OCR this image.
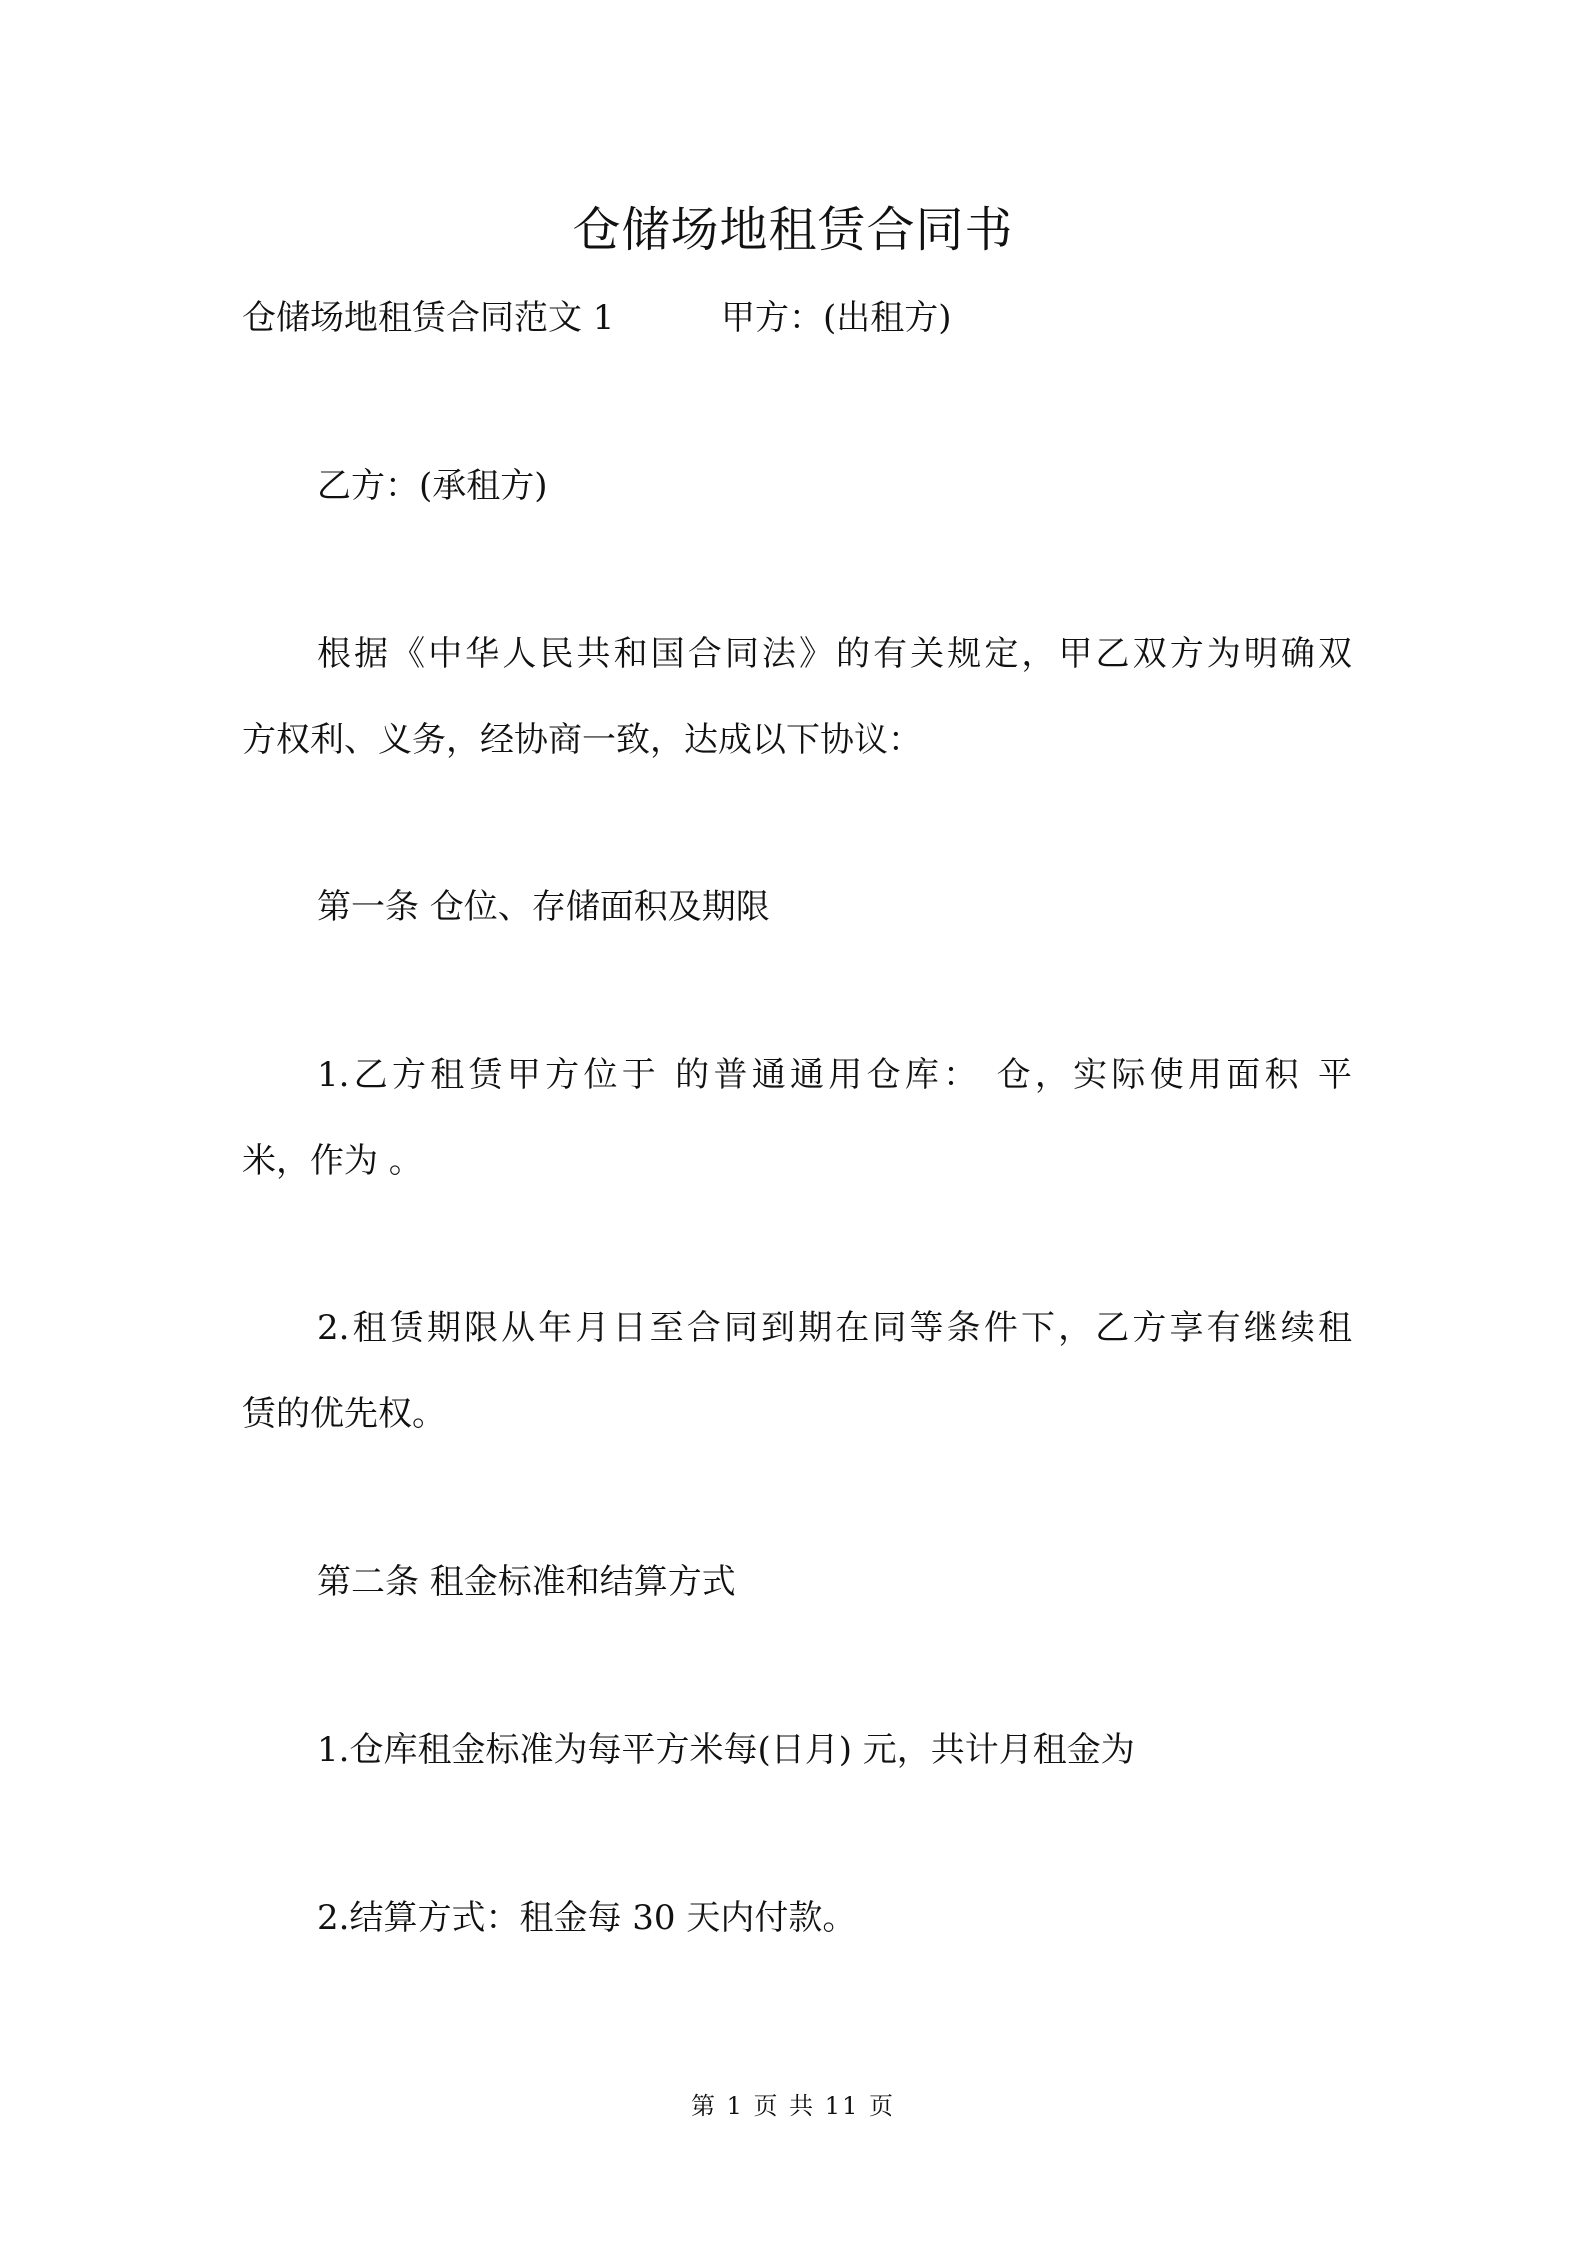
仓储场地租赁合同书
仓储场地租赁合同范文 1	甲方：(出租方)
乙方：(承租方)
根据《中华人民共和国合同法》的有关规定，甲乙双方为明确双
方权利、义务，经协商一致，达成以下协议：
第一条 仓位、存储面积及期限
1.乙方租赁甲方位于 的普通通用仓库： 仓，实际使用面积 平
米，作为 。
2.租赁期限从年月日至合同到期在同等条件下，乙方享有继续租
赁的优先权。
第二条 租金标准和结算方式
1.仓库租金标准为每平方米每(日月) 元，共计月租金为
2.结算方式：租金每 30 天内付款。
第 1 页 共 11 页
